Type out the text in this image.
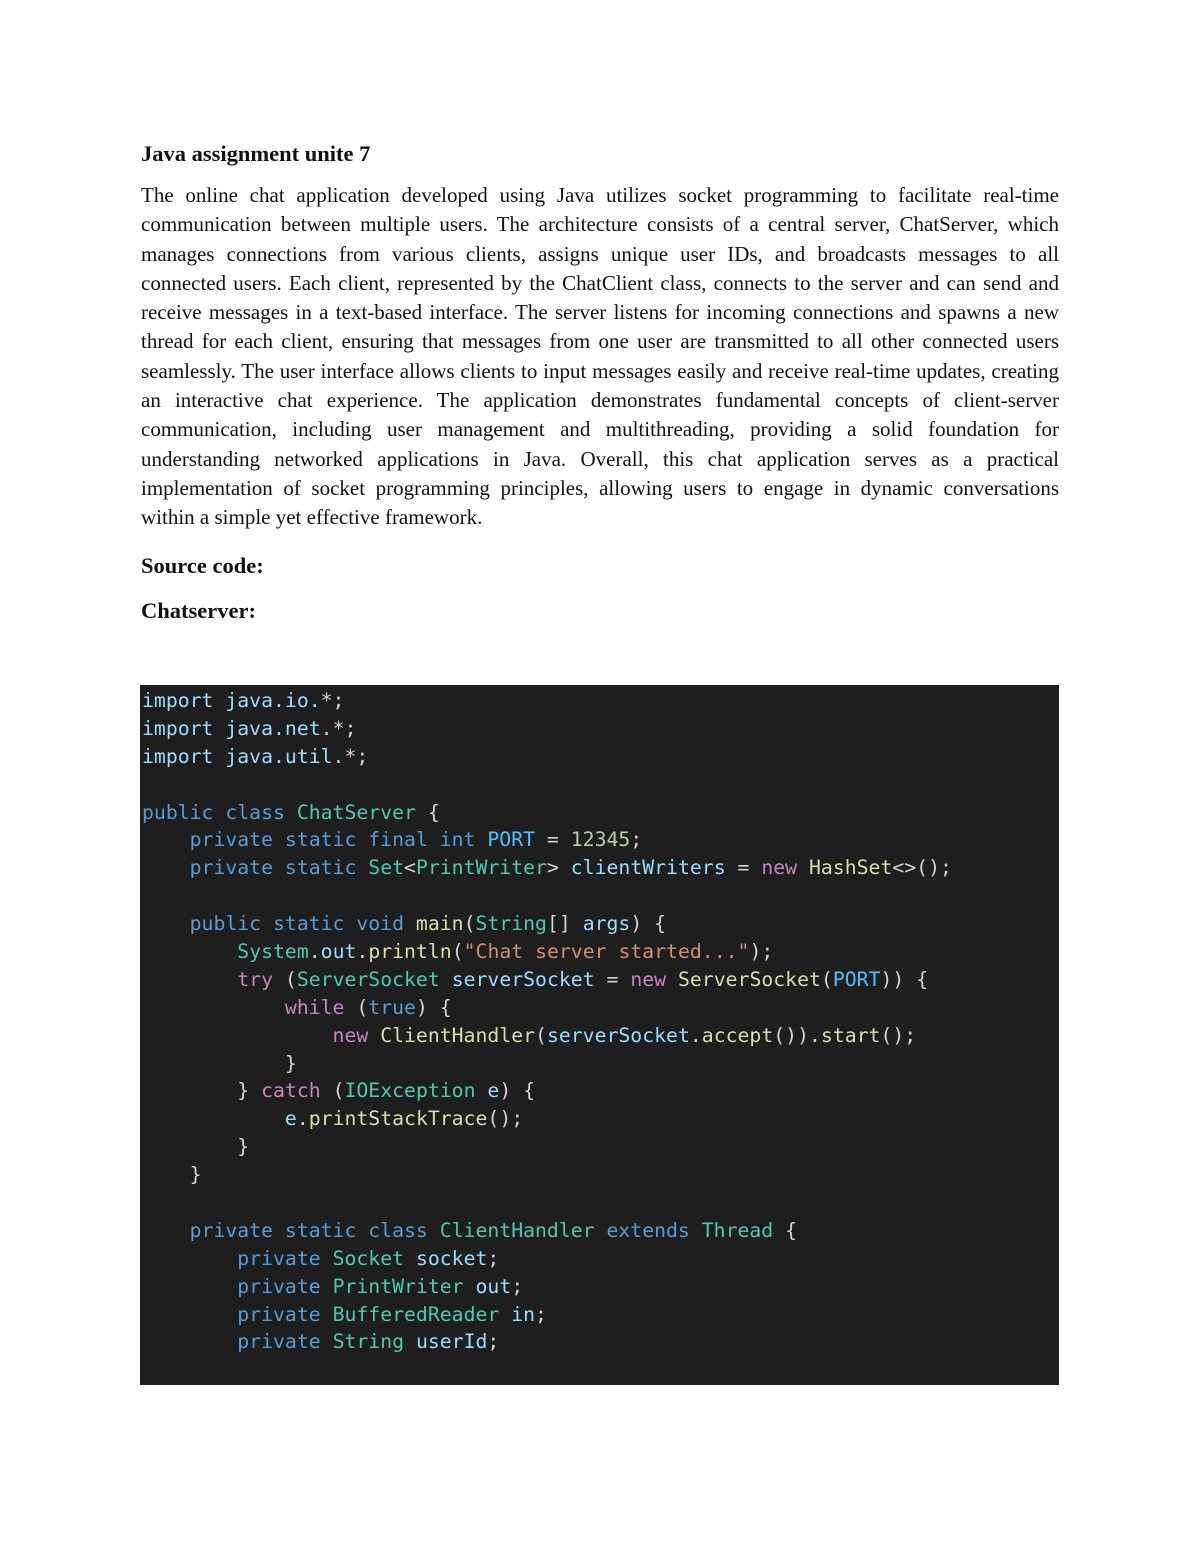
Java assignment unite 7

The online chat application developed using Java utilizes socket programming to facilitate real-time communication between multiple users. The architecture consists of a central server, ChatServer, which manages connections from various clients, assigns unique user IDs, and broadcasts messages to all connected users. Each client, represented by the ChatClient class, connects to the server and can send and receive messages in a text-based interface. The server listens for incoming connections and spawns a new thread for each client, ensuring that messages from one user are transmitted to all other connected users seamlessly. The user interface allows clients to input messages easily and receive real-time updates, creating an interactive chat experience. The application demonstrates fundamental concepts of client-server communication, including user management and multithreading, providing a solid foundation for understanding networked applications in Java. Overall, this chat application serves as a practical implementation of socket programming principles, allowing users to engage in dynamic conversations within a simple yet effective framework.

Source code:
Chatserver:
import java.io.*;
import java.net.*;
import java.util.*;

public class ChatServer {
private static final int PORT = 12345;
private static Set<PrintWriter> clientWriters = new HashSet<>();

public static void main(String[] args) {
System.out.println("Chat server started...");
try (ServerSocket serverSocket = new ServerSocket(PORT)) {
while (true) {
new ClientHandler(serverSocket.accept()).start();
}
} catch (IOException e) {
e.printStackTrace();
}
}

private static class ClientHandler extends Thread {
private Socket socket;
private PrintWriter out;
private BufferedReader in;
private String userId;
